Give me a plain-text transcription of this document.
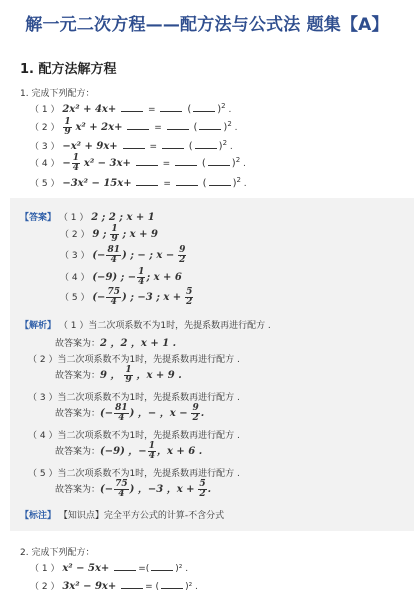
解一元二次方程——配方法与公式法 题集【A】
1. 配方法解方程
1. 完成下列配方：
（ 1 ） 2x² + 4x+	=	(	)$^2$ .
（ 2 ） $\frac{1}{9} x^2 + 2x+$	=	(	)$^2$ .
（ 3 ） −x² + 9x+	=	(	)$^2$ .
（ 4 ） − $\frac{1}{4} x^2 - 3x+$	=	(	)$^2$ .
（ 5 ） −3x² − 15x+	=	(	)$^2$ .
【答案】 （ 1 ） 2 ; 2 ; x + 1
（ 2 ） 9 ; $\frac{1}{9}$ ; x + 9
（ 3 ） (− $\frac{81}{4}$ ) ; − ; $x - \frac{9}{2}$
（ 4 ） (−9) ; − $\frac{1}{4}$ ; x + 6
（ 5 ） (− $\frac{75}{4}$ ) ; −3 ; $x + \frac{5}{2}$
【解析】 （ 1 ）当二次项系数不为1时，先提系数再进行配方 .
故答案为：2 ，2 ，x + 1 .
（ 2 ）当二次项系数不为1时，先提系数再进行配方 .
故答案为：9 ， $\frac{1}{9}$ ，x + 9 .
（ 3 ）当二次项系数不为1时，先提系数再进行配方 .
故答案为：(− $\frac{81}{4}$ ) ，− ，$x - \frac{9}{2}$ .
（ 4 ）当二次项系数不为1时，先提系数再进行配方 .
故答案为：(−9) ，− $\frac{1}{4}$ ，x + 6 .
（ 5 ）当二次项系数不为1时，先提系数再进行配方 .
故答案为：(− $\frac{75}{4}$ ) ，−3 ，$x + \frac{5}{2}$ .
【标注】 【知识点】完全平方公式的计算-不含分式
2. 完成下列配方：
（ 1 ） x² − 5x+	=(	)² .
（ 2 ） 3x² − 9x+	= (	)² .
